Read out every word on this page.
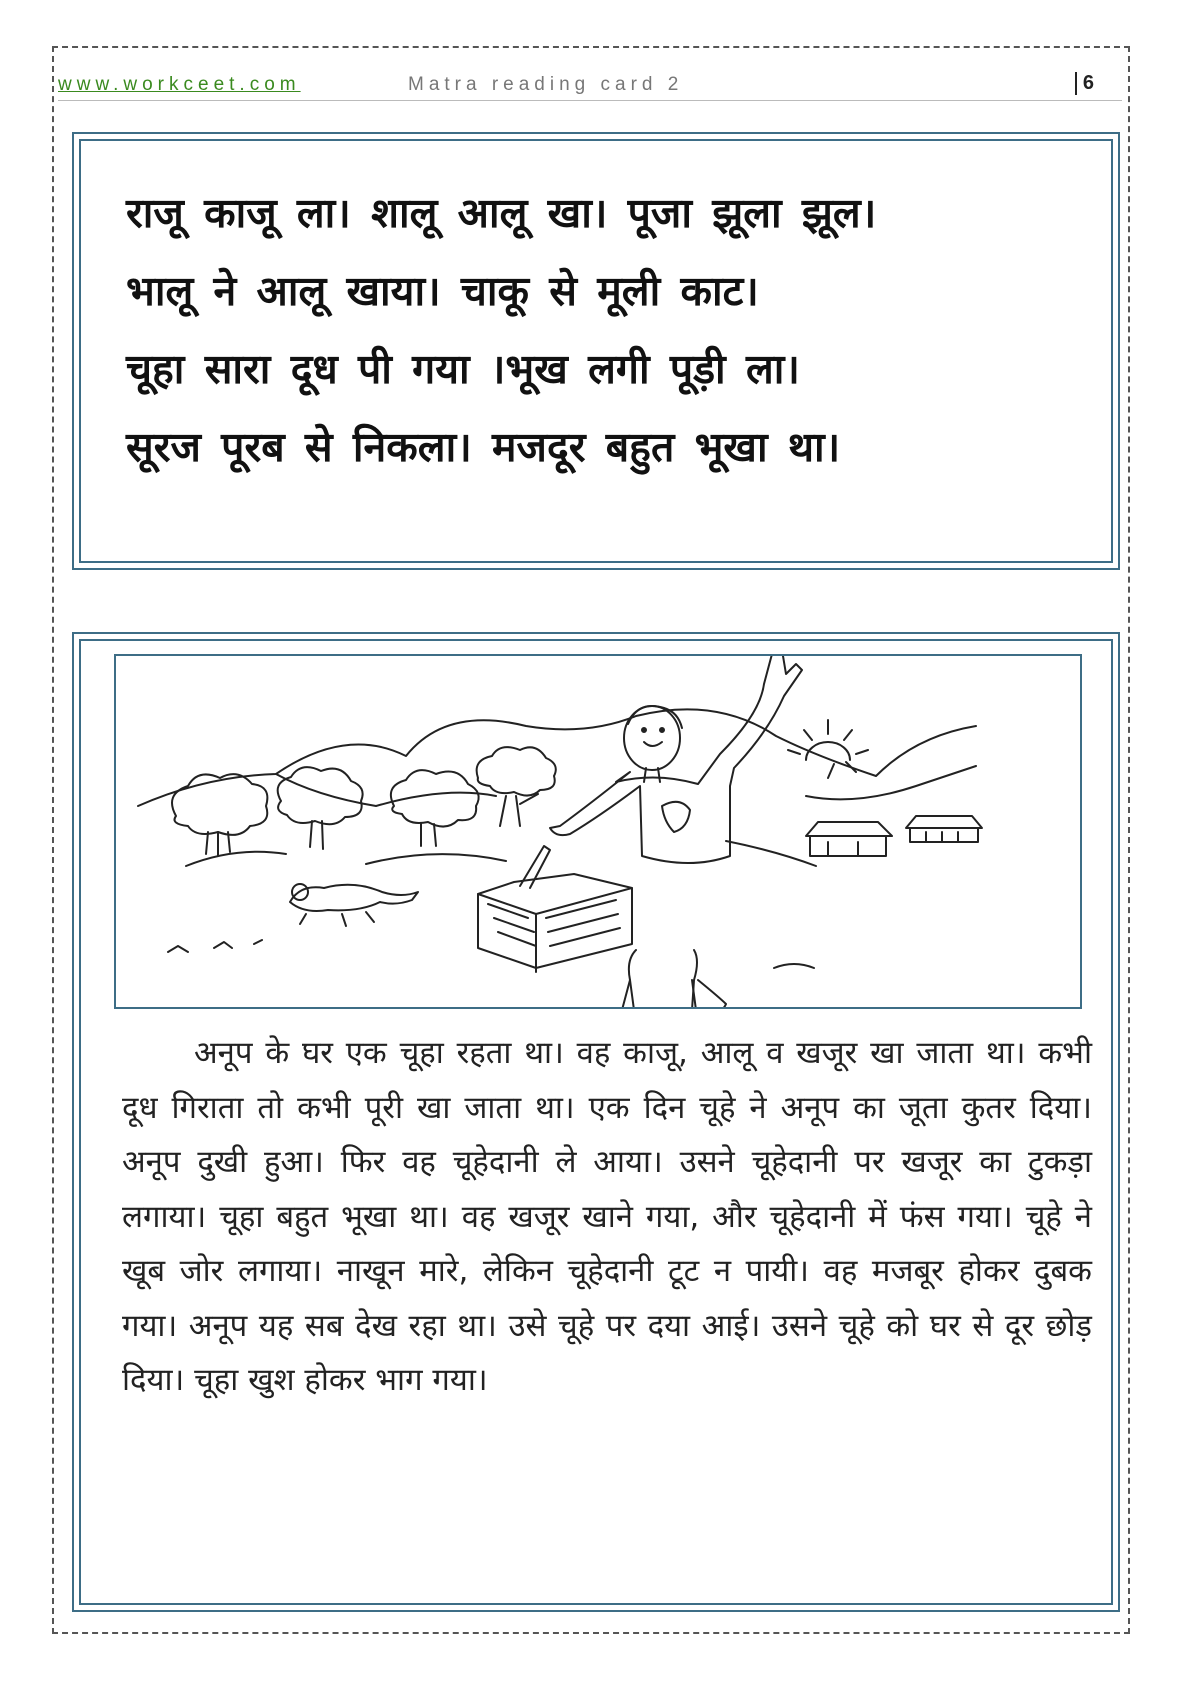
www.workceet.com	Matra reading card 2	6
राजू काजू ला। शालू आलू खा। पूजा झूला झूल।
भालू ने आलू खाया। चाकू से मूली काट।
चूहा सारा दूध पी गया ।भूख लगी पूड़ी ला।
सूरज पूरब से निकला। मजदूर बहुत भूखा था।
अनूप के घर एक चूहा रहता था। वह काजू, आलू व खजूर खा जाता था। कभी दूध गिराता तो कभी पूरी खा जाता था। एक दिन चूहे ने अनूप का जूता कुतर दिया। अनूप दुखी हुआ। फिर वह चूहेदानी ले आया। उसने चूहेदानी पर खजूर का टुकड़ा लगाया। चूहा बहुत भूखा था। वह खजूर खाने गया, और चूहेदानी में फंस गया। चूहे ने खूब जोर लगाया। नाखून मारे, लेकिन चूहेदानी टूट न पायी। वह मजबूर होकर दुबक गया। अनूप यह सब देख रहा था। उसे चूहे पर दया आई। उसने चूहे को घर से दूर छोड़ दिया। चूहा खुश होकर भाग गया।
